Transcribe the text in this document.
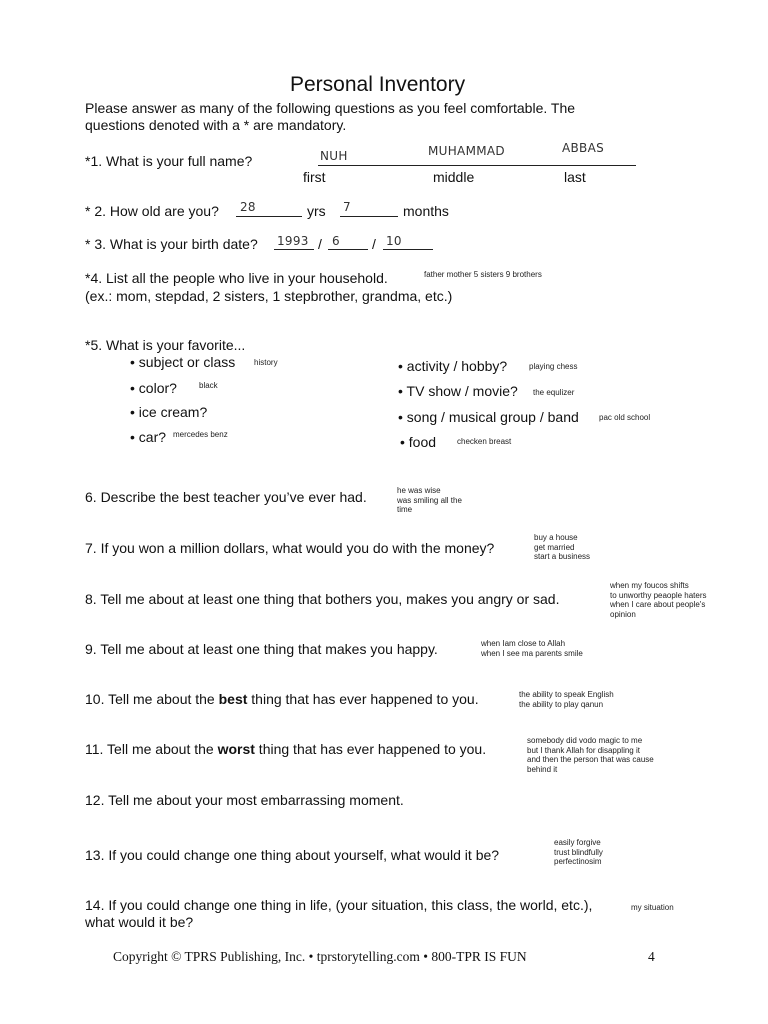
Personal Inventory
Please answer as many of the following questions as you feel comfortable. The
questions denoted with a * are mandatory.
*1. What is your full name?	NUH	MUHAMMAD	ABBAS
first	middle	last
* 2. How old are you? 28	yrs 7	months
* 3. What is your birth date? 1993 / 6 / 10
*4. List all the people who live in your household.	father mother 5 sisters 9 brothers
(ex.: mom, stepdad, 2 sisters, 1 stepbrother, grandma, etc.)
*5. What is your favorite...
• subject or class history
• color?	black
• ice cream?
• car? mercedes benz
• activity / hobby?	playing chess
• TV show / movie? the equlizer
• song / musical group / band	pac old school
• food	checken breast
6. Describe the best teacher you’ve ever had.	he was wise
was smiling all the
time
7. If you won a million dollars, what would you do with the money?
buy a house
get married
start a business
8. Tell me about at least one thing that bothers you, makes you angry or sad.
when my foucos shifts
to unworthy peaople haters
when I care about people's
opinion
9. Tell me about at least one thing that makes you happy.	when Iam close to Allah
when I see ma parents smile
10. Tell me about the best thing that has ever happened to you.	the ability to speak English
the ability to play qanun
11. Tell me about the worst thing that has ever happened to you.
somebody did vodo magic to me
but I thank Allah for disappling it
and then the person that was cause
behind it
12. Tell me about your most embarrassing moment.
13. If you could change one thing about yourself, what would it be?
easily forgive
trust blindfully
perfectinosim
14. If you could change one thing in life, (your situation, this class, the world, etc.),	my situation
what would it be?
Copyright © TPRS Publishing, Inc. • tprstorytelling.com • 800-TPR IS FUN	4
